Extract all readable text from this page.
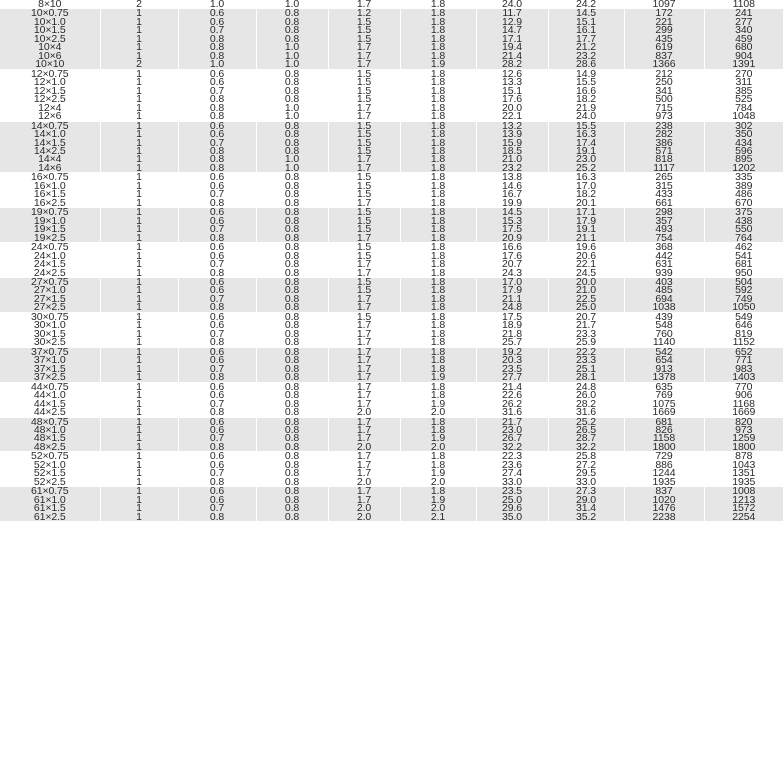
8×10	2	1.0	1.0	1.7	1.8	24.0	24.2	1097	1108
10×0.75	1	0.6	0.8	1.2	1.8	11.7	14.5	172	241
10×1.0	1	0.6	0.8	1.5	1.8	12.9	15.1	221	277
10×1.5	1	0.7	0.8	1.5	1.8	14.7	16.1	299	340
10×2.5	1	0.8	0.8	1.5	1.8	17.1	17.7	435	459
10×4	1	0.8	1.0	1.7	1.8	19.4	21.2	619	680
10×6	1	0.8	1.0	1.7	1.8	21.4	23.2	837	904
10×10	2	1.0	1.0	1.7	1.9	28.2	28.6	1366	1391
12×0.75	1	0.6	0.8	1.5	1.8	12.6	14.9	212	270
12×1.0	1	0.6	0.8	1.5	1.8	13.3	15.5	250	311
12×1.5	1	0.7	0.8	1.5	1.8	15.1	16.6	341	385
12×2.5	1	0.8	0.8	1.5	1.8	17.6	18.2	500	525
12×4	1	0.8	1.0	1.7	1.8	20.0	21.9	715	784
12×6	1	0.8	1.0	1.7	1.8	22.1	24.0	973	1048
14×0.75	1	0.6	0.8	1.5	1.8	13.2	15.5	238	302
14×1.0	1	0.6	0.8	1.5	1.8	13.9	16.3	282	350
14×1.5	1	0.7	0.8	1.5	1.8	15.9	17.4	386	434
14×2.5	1	0.8	0.8	1.5	1.8	18.5	19.1	571	596
14×4	1	0.8	1.0	1.7	1.8	21.0	23.0	818	895
14×6	1	0.8	1.0	1.7	1.8	23.2	25.2	1117	1202
16×0.75	1	0.6	0.8	1.5	1.8	13.8	16.3	265	335
16×1.0	1	0.6	0.8	1.5	1.8	14.6	17.0	315	389
16×1.5	1	0.7	0.8	1.5	1.8	16.7	18.2	433	486
16×2.5	1	0.8	0.8	1.7	1.8	19.9	20.1	661	670
19×0.75	1	0.6	0.8	1.5	1.8	14.5	17.1	298	375
19×1.0	1	0.6	0.8	1.5	1.8	15.3	17.9	357	438
19×1.5	1	0.7	0.8	1.5	1.8	17.5	19.1	493	550
19×2.5	1	0.8	0.8	1.7	1.8	20.9	21.1	754	764
24×0.75	1	0.6	0.8	1.5	1.8	16.6	19.6	368	462
24×1.0	1	0.6	0.8	1.5	1.8	17.6	20.6	442	541
24×1.5	1	0.7	0.8	1.7	1.8	20.7	22.1	631	681
24×2.5	1	0.8	0.8	1.7	1.8	24.3	24.5	939	950
27×0.75	1	0.6	0.8	1.5	1.8	17.0	20.0	403	504
27×1.0	1	0.6	0.8	1.5	1.8	17.9	21.0	485	592
27×1.5	1	0.7	0.8	1.7	1.8	21.1	22.5	694	749
27×2.5	1	0.8	0.8	1.7	1.8	24.8	25.0	1038	1050
30×0.75	1	0.6	0.8	1.5	1.8	17.5	20.7	439	549
30×1.0	1	0.6	0.8	1.7	1.8	18.9	21.7	548	646
30×1.5	1	0.7	0.8	1.7	1.8	21.8	23.3	760	819
30×2.5	1	0.8	0.8	1.7	1.8	25.7	25.9	1140	1152
37×0.75	1	0.6	0.8	1.7	1.8	19.2	22.2	542	652
37×1.0	1	0.6	0.8	1.7	1.8	20.3	23.3	654	771
37×1.5	1	0.7	0.8	1.7	1.8	23.5	25.1	913	983
37×2.5	1	0.8	0.8	1.7	1.9	27.7	28.1	1378	1403
44×0.75	1	0.6	0.8	1.7	1.8	21.4	24.8	635	770
44×1.0	1	0.6	0.8	1.7	1.8	22.6	26.0	769	906
44×1.5	1	0.7	0.8	1.7	1.9	26.2	28.2	1075	1168
44×2.5	1	0.8	0.8	2.0	2.0	31.6	31.6	1669	1669
48×0.75	1	0.6	0.8	1.7	1.8	21.7	25.2	681	820
48×1.0	1	0.6	0.8	1.7	1.8	23.0	26.5	826	973
48×1.5	1	0.7	0.8	1.7	1.9	26.7	28.7	1158	1259
48×2.5	1	0.8	0.8	2.0	2.0	32.2	32.2	1800	1800
52×0.75	1	0.6	0.8	1.7	1.8	22.3	25.8	729	878
52×1.0	1	0.6	0.8	1.7	1.8	23.6	27.2	886	1043
52×1.5	1	0.7	0.8	1.7	1.9	27.4	29.5	1244	1351
52×2.5	1	0.8	0.8	2.0	2.0	33.0	33.0	1935	1935
61×0.75	1	0.6	0.8	1.7	1.8	23.5	27.3	837	1008
61×1.0	1	0.6	0.8	1.7	1.9	25.0	29.0	1020	1213
61×1.5	1	0.7	0.8	2.0	2.0	29.6	31.4	1476	1572
61×2.5	1	0.8	0.8	2.0	2.1	35.0	35.2	2238	2254
